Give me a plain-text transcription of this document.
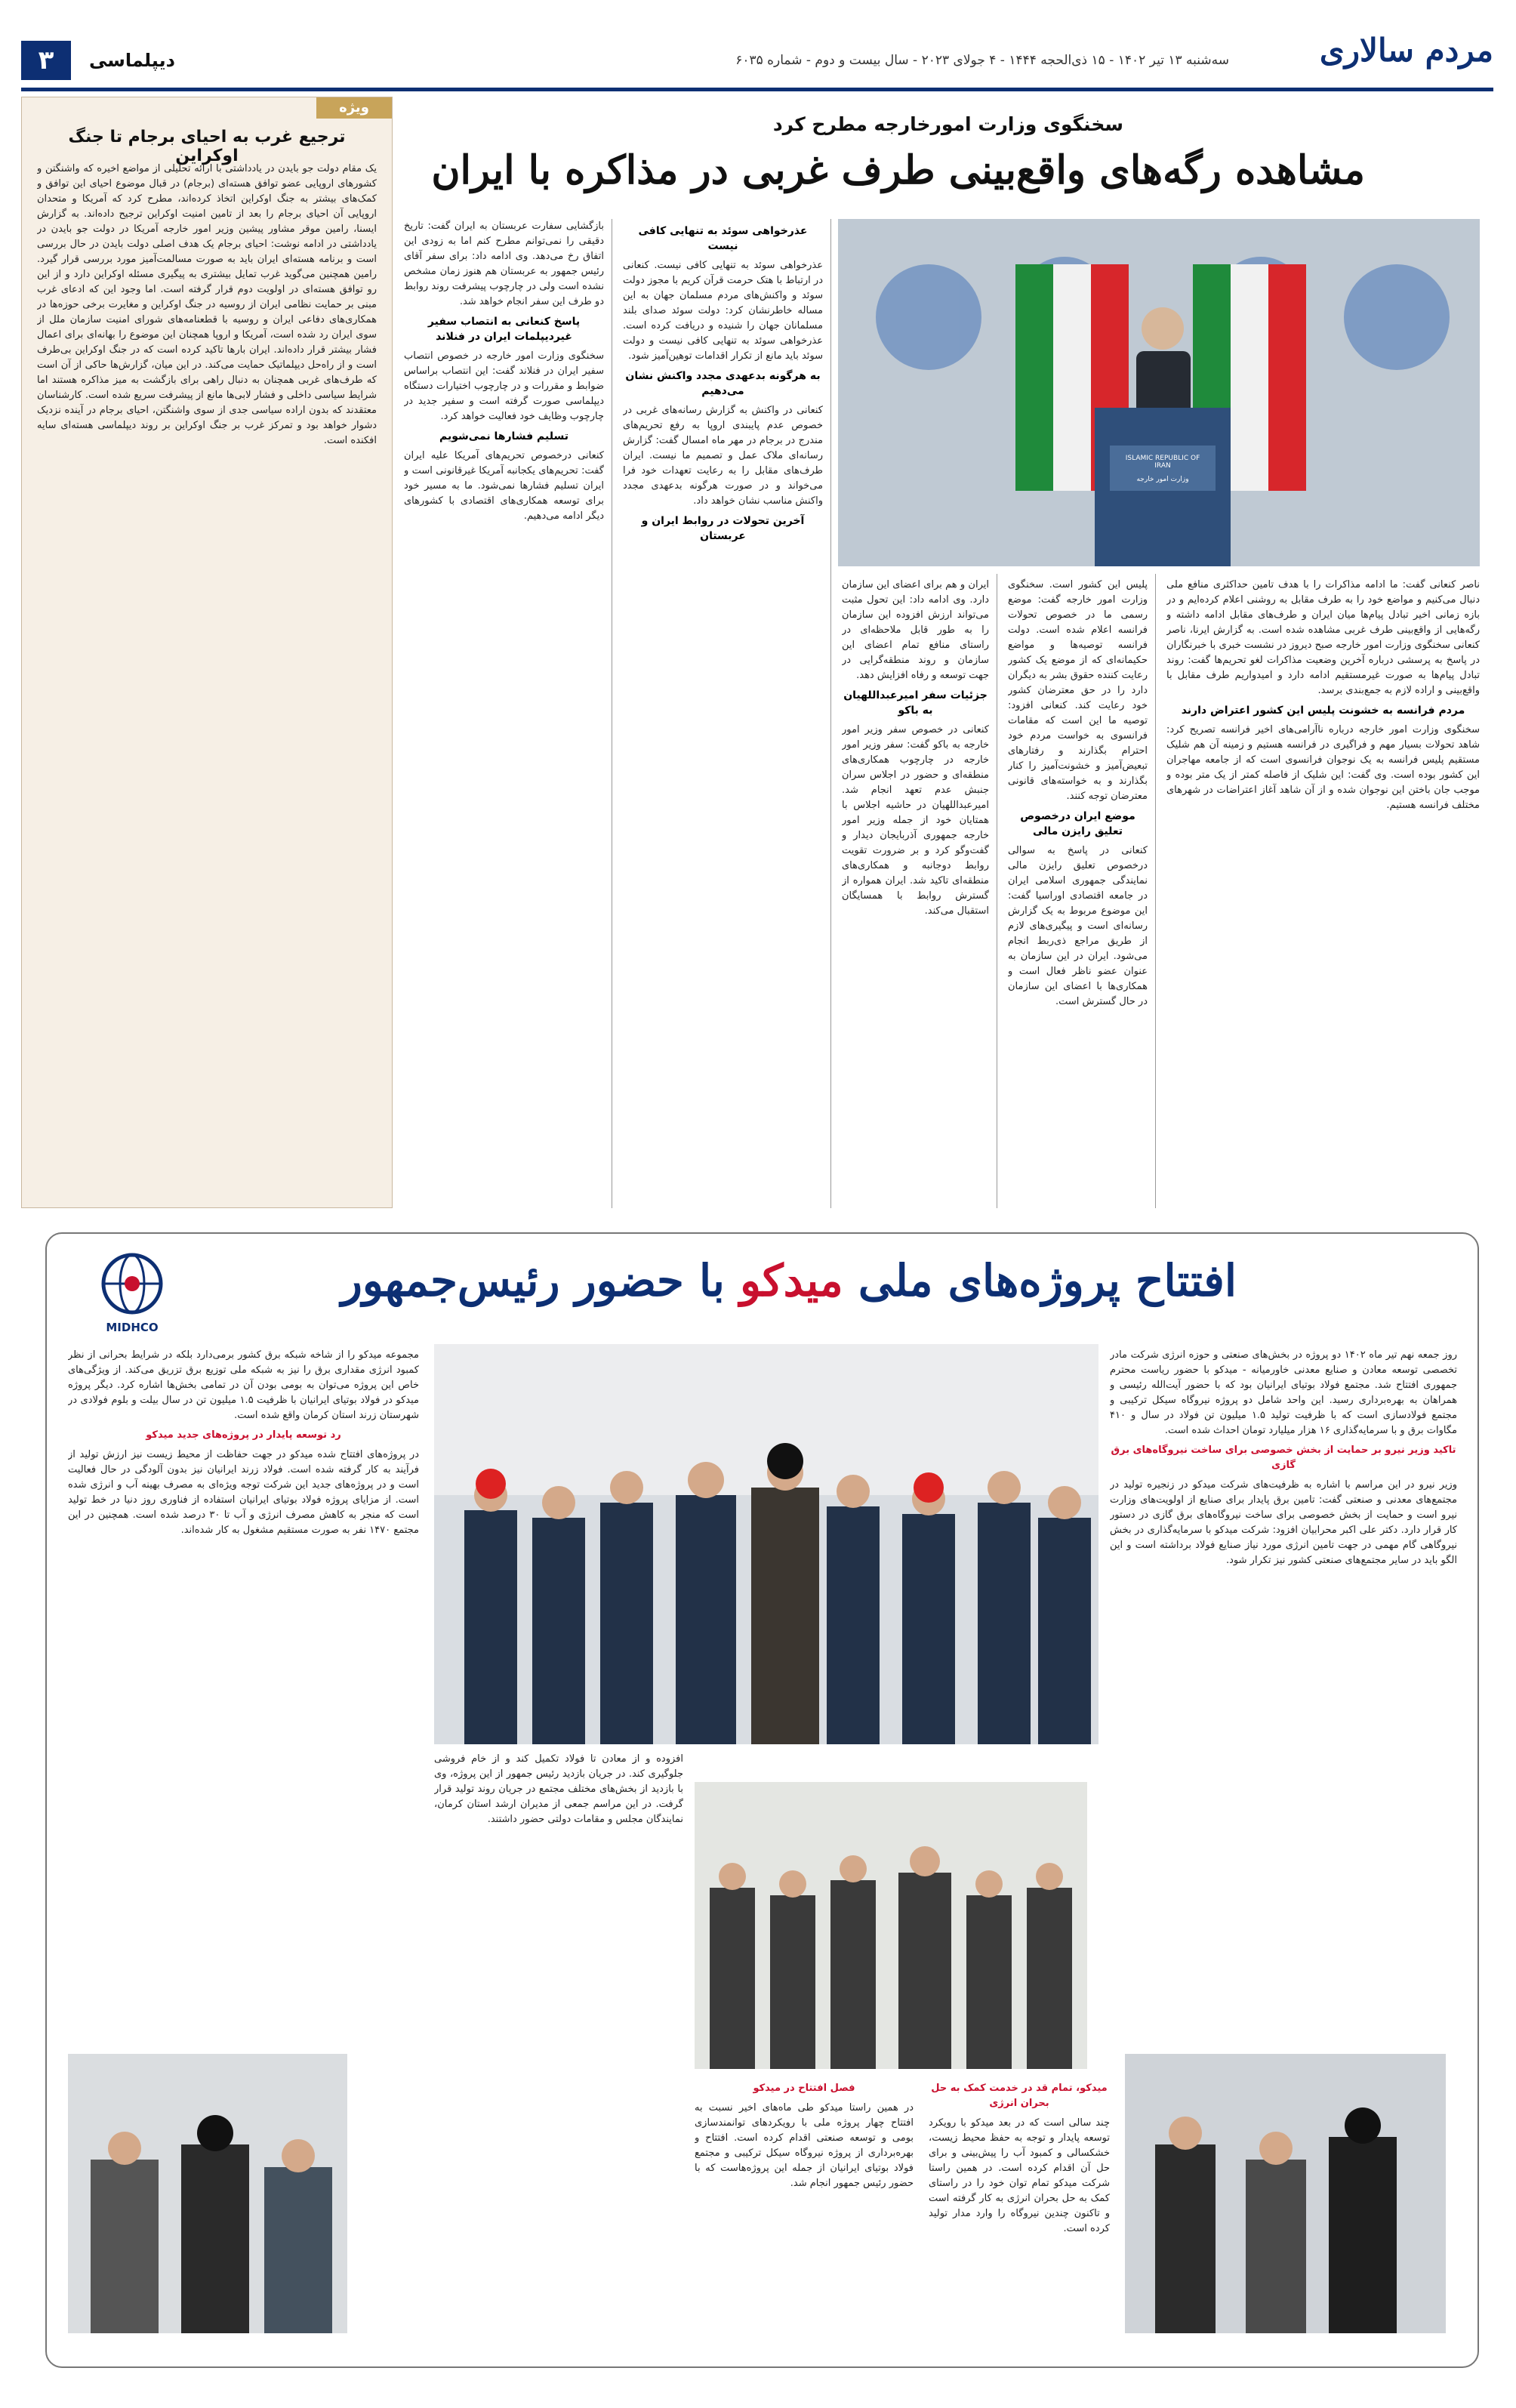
مردم سالاری
سه‌شنبه ۱۳ تیر ۱۴۰۲ - ۱۵ ذی‌الحجه ۱۴۴۴ - ۴ جولای ۲۰۲۳ - سال بیست و دوم - شماره ۶۰۳۵
دیپلماسی
۳
سخنگوی وزارت امورخارجه مطرح کرد
مشاهده رگه‌های واقع‌بینی طرف غربی در مذاکره با ایران
ISLAMIC REPUBLIC OF IRAN
وزارت امور خارجه
ناصر کنعانی گفت: ما ادامه مذاکرات را با هدف تامین حداکثری منافع ملی دنبال می‌کنیم و مواضع خود را به طرف مقابل به روشنی اعلام کرده‌ایم و در بازه زمانی اخیر تبادل پیام‌ها میان ایران و طرف‌های مقابل ادامه داشته و رگه‌هایی از واقع‌بینی طرف غربی مشاهده شده است. به گزارش ایرنا، ناصر کنعانی سخنگوی وزارت امور خارجه صبح دیروز در نشست خبری با خبرنگاران در پاسخ به پرسشی درباره آخرین وضعیت مذاکرات لغو تحریم‌ها گفت: روند تبادل پیام‌ها به صورت غیرمستقیم ادامه دارد و امیدواریم طرف مقابل با واقع‌بینی و اراده لازم به جمع‌بندی برسد.
مردم فرانسه به خشونت پلیس این کشور اعتراض دارند
سخنگوی وزارت امور خارجه درباره ناآرامی‌های اخیر فرانسه تصریح کرد: شاهد تحولات بسیار مهم و فراگیری در فرانسه هستیم و زمینه آن هم شلیک مستقیم پلیس فرانسه به یک نوجوان فرانسوی است که از جامعه مهاجران این کشور بوده است. وی گفت: این شلیک از فاصله کمتر از یک متر بوده و موجب جان باختن این نوجوان شده و از آن شاهد آغاز اعتراضات در شهرهای مختلف فرانسه هستیم.
پلیس این کشور است. سخنگوی وزارت امور خارجه گفت: موضع رسمی ما در خصوص تحولات فرانسه اعلام شده است. دولت فرانسه توصیه‌ها و مواضع حکیمانه‌ای که از موضع یک کشور رعایت کننده حقوق بشر به دیگران دارد را در حق معترضان کشور خود رعایت کند. کنعانی افزود: توصیه ما این است که مقامات فرانسوی به خواست مردم خود احترام بگذارند و رفتارهای تبعیض‌آمیز و خشونت‌آمیز را کنار بگذارند و به خواسته‌های قانونی معترضان توجه کنند.
موضع ایران درخصوص تعلیق رایزن مالی
کنعانی در پاسخ به سوالی درخصوص تعلیق رایزن مالی نمایندگی جمهوری اسلامی ایران در جامعه اقتصادی اوراسیا گفت: این موضوع مربوط به یک گزارش رسانه‌ای است و پیگیری‌های لازم از طریق مراجع ذی‌ربط انجام می‌شود. ایران در این سازمان به عنوان عضو ناظر فعال است و همکاری‌ها با اعضای این سازمان در حال گسترش است.
ایران و هم برای اعضای این سازمان دارد. وی ادامه داد: این تحول مثبت می‌تواند ارزش افزوده این سازمان را به طور قابل ملاحظه‌ای در راستای منافع تمام اعضای این سازمان و روند منطقه‌گرایی در جهت توسعه و رفاه افزایش دهد.
جزئیات سفر امیرعبداللهیان به باکو
کنعانی در خصوص سفر وزیر امور خارجه به باکو گفت: سفر وزیر امور خارجه در چارچوب همکاری‌های منطقه‌ای و حضور در اجلاس سران جنبش عدم تعهد انجام شد. امیرعبداللهیان در حاشیه اجلاس با همتایان خود از جمله وزیر امور خارجه جمهوری آذربایجان دیدار و گفت‌وگو کرد و بر ضرورت تقویت روابط دوجانبه و همکاری‌های منطقه‌ای تاکید شد. ایران همواره از گسترش روابط با همسایگان استقبال می‌کند.
عذرخواهی سوئد به تنهایی کافی نیست
عذرخواهی سوئد به تنهایی کافی نیست. کنعانی در ارتباط با هتک حرمت قرآن کریم با مجوز دولت سوئد و واکنش‌های مردم مسلمان جهان به این مساله خاطرنشان کرد: دولت سوئد صدای بلند مسلمانان جهان را شنیده و دریافت کرده است. عذرخواهی سوئد به تنهایی کافی نیست و دولت سوئد باید مانع از تکرار اقدامات توهین‌آمیز شود.
به هرگونه بدعهدی مجدد واکنش نشان می‌دهیم
کنعانی در واکنش به گزارش رسانه‌های غربی در خصوص عدم پایبندی اروپا به رفع تحریم‌های مندرج در برجام در مهر ماه امسال گفت: گزارش رسانه‌ای ملاک عمل و تصمیم ما نیست. ایران طرف‌های مقابل را به رعایت تعهدات خود فرا می‌خواند و در صورت هرگونه بدعهدی مجدد واکنش مناسب نشان خواهد داد.
آخرین تحولات در روابط ایران و عربستان
بازگشایی سفارت عربستان به ایران گفت: تاریخ دقیقی را نمی‌توانم مطرح کنم اما به زودی این اتفاق رخ می‌دهد. وی ادامه داد: برای سفر آقای رئیس جمهور به عربستان هم هنوز زمان مشخص نشده است ولی در چارچوب پیشرفت روند روابط دو طرف این سفر انجام خواهد شد.
پاسخ کنعانی به انتصاب سفیر غیردیپلمات ایران در فنلاند
سخنگوی وزارت امور خارجه در خصوص انتصاب سفیر ایران در فنلاند گفت: این انتصاب براساس ضوابط و مقررات و در چارچوب اختیارات دستگاه دیپلماسی صورت گرفته است و سفیر جدید در چارچوب وظایف خود فعالیت خواهد کرد.
تسلیم فشارها نمی‌شویم
کنعانی درخصوص تحریم‌های آمریکا علیه ایران گفت: تحریم‌های یکجانبه آمریکا غیرقانونی است و ایران تسلیم فشارها نمی‌شود. ما به مسیر خود برای توسعه همکاری‌های اقتصادی با کشورهای دیگر ادامه می‌دهیم.
ویژه
ترجیع غرب به احیای برجام تا جنگ اوکراین
یک مقام دولت جو بایدن در یادداشتی با ارائه تحلیلی از مواضع اخیره که واشنگتن و کشورهای اروپایی عضو توافق هسته‌ای (برجام) در قبال موضوع احیای این توافق و کمک‌های بیشتر به جنگ اوکراین اتخاذ کرده‌اند، مطرح کرد که آمریکا و متحدان اروپایی آن احیای برجام را بعد از تامین امنیت اوکراین ترجیح داده‌اند. به گزارش ایسنا، رامین موقر مشاور پیشین وزیر امور خارجه آمریکا در دولت جو بایدن در یادداشتی در ادامه نوشت: احیای برجام یک هدف اصلی دولت بایدن در حال بررسی است و برنامه هسته‌ای ایران باید به صورت مسالمت‌آمیز مورد بررسی قرار گیرد. رامین همچنین می‌گوید غرب تمایل بیشتری به پیگیری مسئله اوکراین دارد و از این رو توافق هسته‌ای در اولویت دوم قرار گرفته است. اما وجود این که ادعای غرب مبنی بر حمایت نظامی ایران از روسیه در جنگ اوکراین و مغایرت برخی حوزه‌ها در همکاری‌های دفاعی ایران و روسیه با قطعنامه‌های شورای امنیت سازمان ملل از سوی ایران رد شده است، آمریکا و اروپا همچنان این موضوع را بهانه‌ای برای اعمال فشار بیشتر قرار داده‌اند. ایران بارها تاکید کرده است که در جنگ اوکراین بی‌طرف است و از راه‌حل دیپلماتیک حمایت می‌کند. در این میان، گزارش‌ها حاکی از آن است که طرف‌های غربی همچنان به دنبال راهی برای بازگشت به میز مذاکره هستند اما شرایط سیاسی داخلی و فشار لابی‌ها مانع از پیشرفت سریع شده است. کارشناسان معتقدند که بدون اراده سیاسی جدی از سوی واشنگتن، احیای برجام در آینده نزدیک دشوار خواهد بود و تمرکز غرب بر جنگ اوکراین بر روند دیپلماسی هسته‌ای سایه افکنده است.
MIDHCO
افتتاح پروژه‌های ملی میدکو با حضور رئیس‌جمهور
روز جمعه نهم تیر ماه ۱۴۰۲ دو پروژه در بخش‌های صنعتی و حوزه انرژی شرکت مادر تخصصی توسعه معادن و صنایع معدنی خاورمیانه - میدکو با حضور ریاست محترم جمهوری افتتاح شد. مجتمع فولاد بوتیای ایرانیان بود که با حضور آیت‌الله رئیسی و همراهان به بهره‌برداری رسید. این واحد شامل دو پروژه نیروگاه سیکل ترکیبی و مجتمع فولادسازی است که با ظرفیت تولید ۱.۵ میلیون تن فولاد در سال و ۴۱۰ مگاوات برق و با سرمایه‌گذاری ۱۶ هزار میلیارد تومان احداث شده است.
تاکید وزیر نیرو بر حمایت از بخش خصوصی برای ساخت نیروگاه‌های برق گازی
وزیر نیرو در این مراسم با اشاره به ظرفیت‌های شرکت میدکو در زنجیره تولید در مجتمع‌های معدنی و صنعتی گفت: تامین برق پایدار برای صنایع از اولویت‌های وزارت نیرو است و حمایت از بخش خصوصی برای ساخت نیروگاه‌های برق گازی در دستور کار قرار دارد. دکتر علی اکبر محرابیان افزود: شرکت میدکو با سرمایه‌گذاری در بخش نیروگاهی گام مهمی در جهت تامین انرژی مورد نیاز صنایع فولاد برداشته است و این الگو باید در سایر مجتمع‌های صنعتی کشور نیز تکرار شود.
میدکو، تمام قد در خدمت کمک به حل بحران انرژی
چند سالی است که در بعد میدکو با رویکرد توسعه پایدار و توجه به حفظ محیط زیست، خشکسالی و کمبود آب را پیش‌بینی و برای حل آن اقدام کرده است. در همین راستا شرکت میدکو تمام توان خود را در راستای کمک به حل بحران انرژی به کار گرفته است و تاکنون چندین نیروگاه را وارد مدار تولید کرده است.
فصل افتتاح در میدکو
در همین راستا میدکو طی ماه‌های اخیر نسبت به افتتاح چهار پروژه ملی با رویکردهای توانمندسازی بومی و توسعه صنعتی اقدام کرده است. افتتاح و بهره‌برداری از پروژه نیروگاه سیکل ترکیبی و مجتمع فولاد بوتیای ایرانیان از جمله این پروژه‌هاست که با حضور رئیس جمهور انجام شد.
افزوده و از معادن تا فولاد تکمیل کند و از خام فروشی جلوگیری کند. در جریان بازدید رئیس جمهور از این پروژه، وی با بازدید از بخش‌های مختلف مجتمع در جریان روند تولید قرار گرفت. در این مراسم جمعی از مدیران ارشد استان کرمان، نمایندگان مجلس و مقامات دولتی حضور داشتند.
مجموعه میدکو را از شاخه شبکه برق کشور برمی‌دارد بلکه در شرایط بحرانی از نظر کمبود انرژی مقداری برق را نیز به شبکه ملی توزیع برق تزریق می‌کند. از ویژگی‌های خاص این پروژه می‌توان به بومی بودن آن در تمامی بخش‌ها اشاره کرد. دیگر پروژه میدکو در فولاد بوتیای ایرانیان با ظرفیت ۱.۵ میلیون تن در سال بیلت و بلوم فولادی در شهرستان زرند استان کرمان واقع شده است.
رد توسعه پایدار در پروژه‌های جدید میدکو
در پروژه‌های افتتاح شده میدکو در جهت حفاظت از محیط زیست نیز ارزش تولید از فرآیند به کار گرفته شده است. فولاد زرند ایرانیان نیز بدون آلودگی در حال فعالیت است و در پروژه‌های جدید این شرکت توجه ویژه‌ای به مصرف بهینه آب و انرژی شده است. از مزایای پروژه فولاد بوتیای ایرانیان استفاده از فناوری روز دنیا در خط تولید است که منجر به کاهش مصرف انرژی و آب تا ۳۰ درصد شده است. همچنین در این مجتمع ۱۴۷۰ نفر به صورت مستقیم مشغول به کار شده‌اند.
